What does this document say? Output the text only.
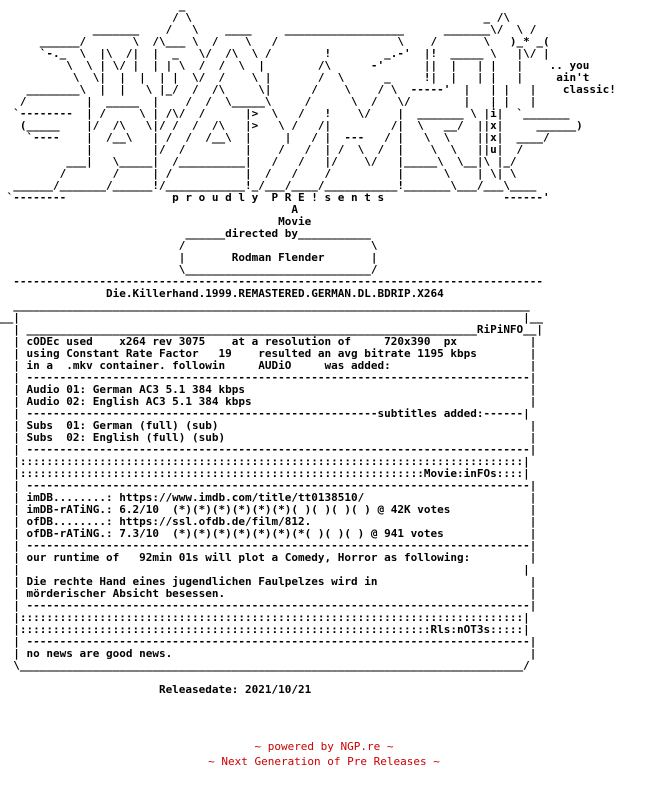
_
/ \                                            _ /\
_______    /   \    ____     __________________      _______\/  \ /
______/       \  /\___ \  /    \   /                  \    /       \   )_* _(
`-._  \  |\  /|  |  _   \/  /\  \ /        !        _.-'  |!  _____ \   |\/ |
\  \ | \/ |  | | \  /  /  \  |        /\      -'      ||  |   | |   |    .. you
\  \|  |  |  | |  \/  /    \ |       /  \      _     !|  |   | |   |     ain't
________\  |  |   \ |_/  /  /\     \|      /    \    / \  -----'  |   | |   |    classic!
/         |  _____  |    /  /  \_____\     /      \  /   \/        |   | |   |
`--------  | /     \ | /\/  /      |>  \   /   !    \/    |  _______ \ |i|  `_______
(_____    |/  /\   \|/ /  /  /\   |>   \ /   /|         /|  \   __/  ||x|     ______)
`----    |  /__\   | /  /  /__\  |     |   / |  ---   / |   \  \    ||x|  ____/
|         |/  /         |    /   /  | /  \  /  |    \  \   ||u|  /
___|   \_____|  /__________|   /   /   |/    \/   |_____\  \__|\ |_/
/       /     | /           |  /   /    /          |      \    | \| \
______/_______/______!/____________!_/___/____/___________!_______\___/___\____
`--------                p r o u d l y  P R E ! s e n t s                  ------'
A
Movie
______directed by___________
/                            \
|       Rodman Flender       |
\____________________________/
--------------------------------------------------------------------------------
Die.Killerhand.1999.REMASTERED.GERMAN.DL.BDRIP.X264
______________________________________________________________________________
__|                                                                            |__
| ____________________________________________________________________RiPiNFO__|
| cODEc used    x264 rev 3075    at a resolution of     720x390  px           |
| using Constant Rate Factor   19    resulted an avg bitrate 1195 kbps        |
| in a  .mkv container. followin     AUDiO     was added:                     |
| ----------------------------------------------------------------------------|
| Audio 01: German AC3 5.1 384 kbps                                           |
| Audio 02: English AC3 5.1 384 kbps                                          |
| -----------------------------------------------------subtitles added:------|
| Subs  01: German (full) (sub)                                               |
| Subs  02: English (full) (sub)                                              |
| ----------------------------------------------------------------------------|
|::::::::::::::::::::::::::::::::::::::::::::::::::::::::::::::::::::::::::::|
|:::::::::::::::::::::::::::::::::::::::::::::::::::::::::::::Movie:inFOs::::|
| ----------------------------------------------------------------------------|
| imDB........: https://www.imdb.com/title/tt0138510/                         |
| imDB-rATiNG.: 6.2/10  (*)(*)(*)(*)(*)(*)( )( )( )( ) @ 42K votes            |
| ofDB........: https://ssl.ofdb.de/film/812.                                 |
| ofDB-rATiNG.: 7.3/10  (*)(*)(*)(*)(*)(*)(*( )( )( ) @ 941 votes             |
| ----------------------------------------------------------------------------|
| our runtime of   92min 01s will plot a Comedy, Horror as following:         |
|                                                                            |
| Die rechte Hand eines jugendlichen Faulpelzes wird in                       |
| mörderischer Absicht besessen.                                              |
| ----------------------------------------------------------------------------|
|::::::::::::::::::::::::::::::::::::::::::::::::::::::::::::::::::::::::::::|
|::::::::::::::::::::::::::::::::::::::::::::::::::::::::::::::Rls:nOT3s:::::|
| ----------------------------------------------------------------------------|
| no news are good news.                                                      |
\____________________________________________________________________________/

Releasedate: 2021/10/21
~ powered by NGP.re ~
~ Next Generation of Pre Releases ~
